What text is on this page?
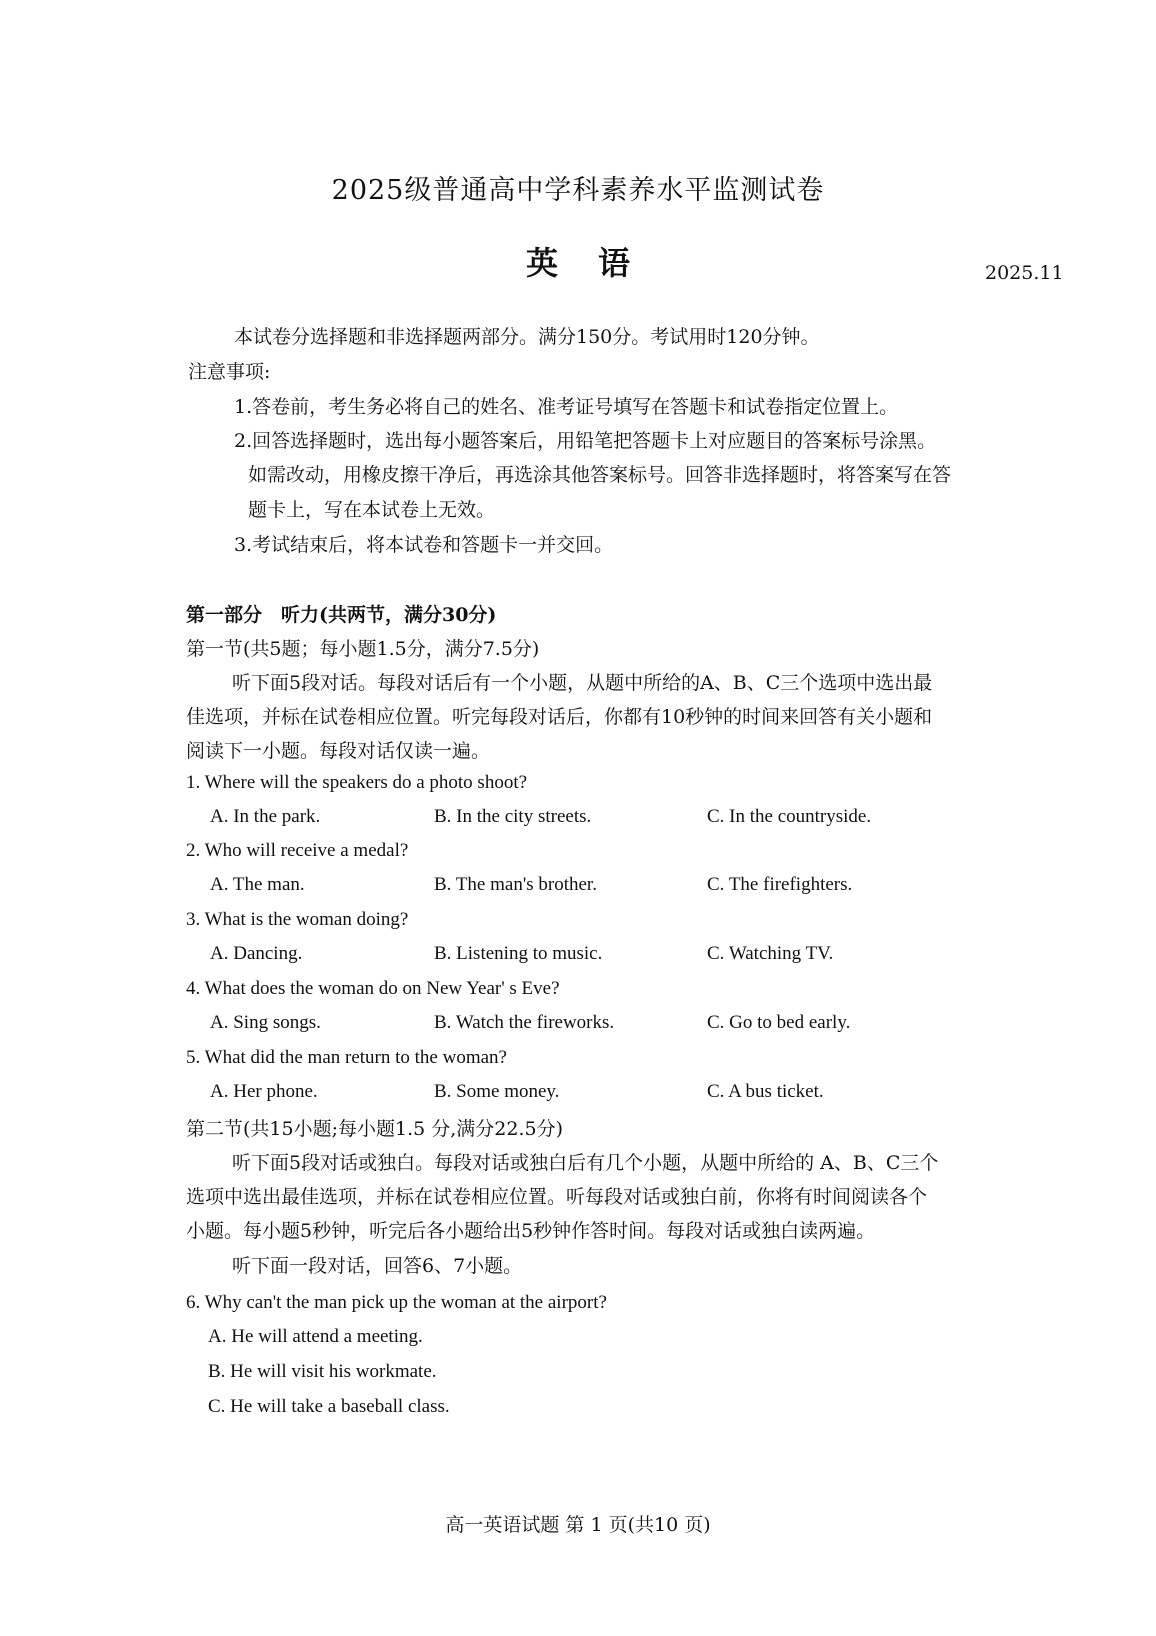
2025级普通高中学科素养水平监测试卷
英语	2025.11
本试卷分选择题和非选择题两部分。满分150分。考试用时120分钟。
注意事项:
1.答卷前，考生务必将自己的姓名、准考证号填写在答题卡和试卷指定位置上。
2.回答选择题时，选出每小题答案后，用铅笔把答题卡上对应题目的答案标号涂黑。
如需改动，用橡皮擦干净后，再选涂其他答案标号。回答非选择题时，将答案写在答
题卡上，写在本试卷上无效。
3.考试结束后，将本试卷和答题卡一并交回。
第一部分　听力(共两节，满分30分)
第一节(共5题；每小题1.5分，满分7.5分)
听下面5段对话。每段对话后有一个小题，从题中所给的A、B、C三个选项中选出最
佳选项，并标在试卷相应位置。听完每段对话后，你都有10秒钟的时间来回答有关小题和
阅读下一小题。每段对话仅读一遍。
1. Where will the speakers do a photo shoot?
A. In the park.	B. In the city streets.	C. In the countryside.
2. Who will receive a medal?
A. The man.	B. The man's brother.	C. The firefighters.
3. What is the woman doing?
A. Dancing.	B. Listening to music.	C. Watching TV.
4. What does the woman do on New Year' s Eve?
A. Sing songs.	B. Watch the fireworks.	C. Go to bed early.
5. What did the man return to the woman?
A. Her phone.	B. Some money.	C. A bus ticket.
第二节(共15小题;每小题1.5 分,满分22.5分)
听下面5段对话或独白。每段对话或独白后有几个小题，从题中所给的 A、B、C三个
选项中选出最佳选项，并标在试卷相应位置。听每段对话或独白前，你将有时间阅读各个
小题。每小题5秒钟，听完后各小题给出5秒钟作答时间。每段对话或独白读两遍。
听下面一段对话，回答6、7小题。
6. Why can't the man pick up the woman at the airport?
A. He will attend a meeting.
B. He will visit his workmate.
C. He will take a baseball class.
高一英语试题 第 1 页(共10 页)
